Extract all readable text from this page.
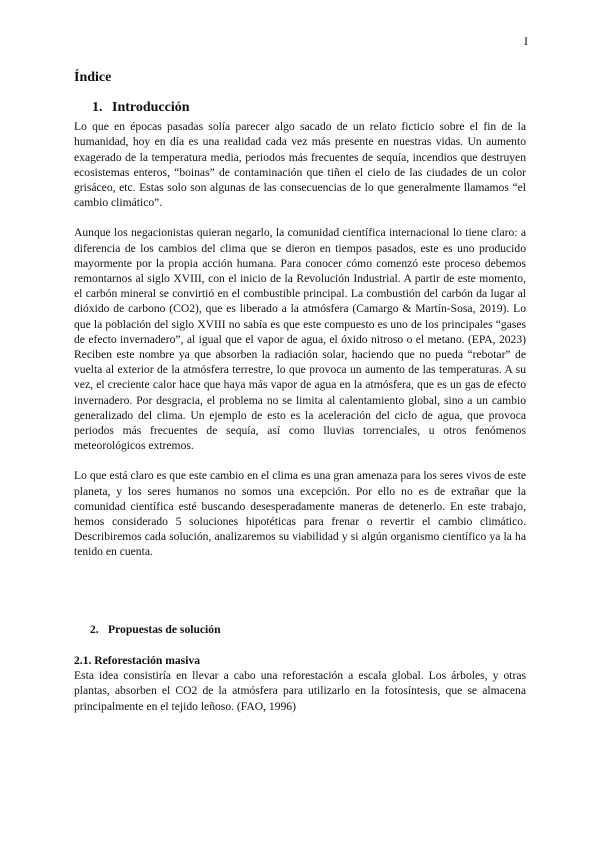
I
Índice
1. Introducción

Lo que en épocas pasadas solía parecer algo sacado de un relato ficticio sobre el fin de la humanidad, hoy en día es una realidad cada vez más presente en nuestras vidas. Un aumento exagerado de la temperatura media, periodos más frecuentes de sequía, incendios que destruyen ecosistemas enteros, “boinas” de contaminación que tiñen el cielo de las ciudades de un color grisáceo, etc. Estas solo son algunas de las consecuencias de lo que generalmente llamamos “el cambio climático”.

Aunque los negacionistas quieran negarlo, la comunidad científica internacional lo tiene claro: a diferencia de los cambios del clima que se dieron en tiempos pasados, este es uno producido mayormente por la propia acción humana. Para conocer cómo comenzó este proceso debemos remontarnos al siglo XVIII, con el inicio de la Revolución Industrial. A partir de este momento, el carbón mineral se convirtió en el combustible principal. La combustión del carbón da lugar al dióxido de carbono (CO2), que es liberado a la atmósfera (Camargo & Martín-Sosa, 2019). Lo que la población del siglo XVIII no sabía es que este compuesto es uno de los principales “gases de efecto invernadero”, al igual que el vapor de agua, el óxido nitroso o el metano. (EPA, 2023) Reciben este nombre ya que absorben la radiación solar, haciendo que no pueda “rebotar” de vuelta al exterior de la atmósfera terrestre, lo que provoca un aumento de las temperaturas. A su vez, el creciente calor hace que haya más vapor de agua en la atmósfera, que es un gas de efecto invernadero. Por desgracia, el problema no se limita al calentamiento global, sino a un cambio generalizado del clima. Un ejemplo de esto es la aceleración del ciclo de agua, que provoca periodos más frecuentes de sequía, así como lluvias torrenciales, u otros fenómenos meteorológicos extremos.

Lo que está claro es que este cambio en el clima es una gran amenaza para los seres vivos de este planeta, y los seres humanos no somos una excepción. Por ello no es de extrañar que la comunidad científica esté buscando desesperadamente maneras de detenerlo. En este trabajo, hemos considerado 5 soluciones hipotéticas para frenar o revertir el cambio climático. Describiremos cada solución, analizaremos su viabilidad y si algún organismo científico ya la ha tenido en cuenta.

2. Propuestas de solución
2.1. Reforestación masiva

Esta idea consistiría en llevar a cabo una reforestación a escala global. Los árboles, y otras plantas, absorben el CO2 de la atmósfera para utilizarlo en la fotosíntesis, que se almacena principalmente en el tejido leñoso. (FAO, 1996)
